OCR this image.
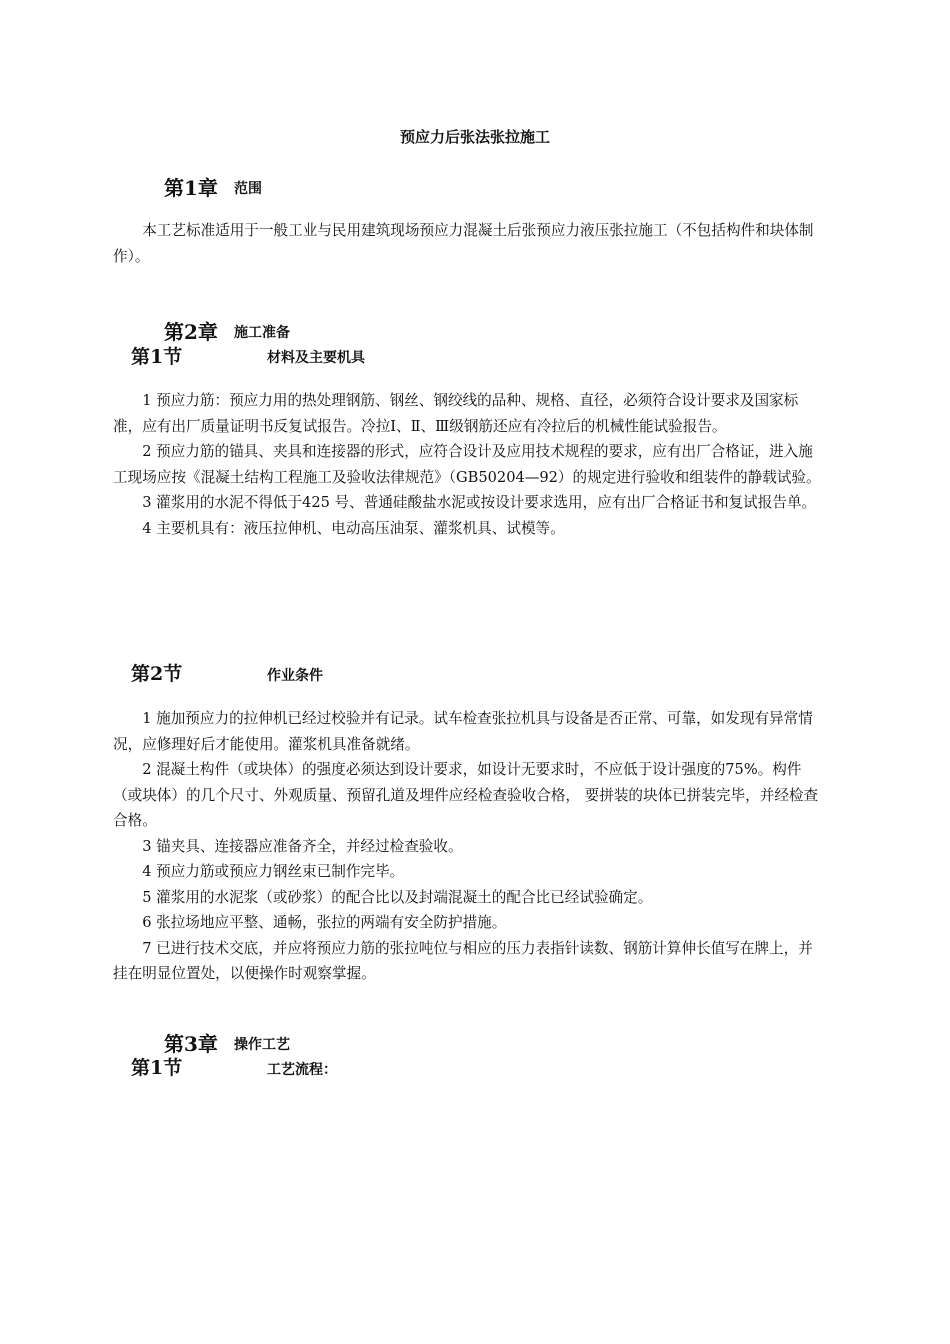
预应力后张法张拉施工
第1章 范围

本工艺标准适用于一般工业与民用建筑现场预应力混凝土后张预应力液压张拉施工（不包括构件和块体制作）。

第2章 施工准备
第1节	材料及主要机具

1 预应力筋：预应力用的热处理钢筋、钢丝、钢绞线的品种、规格、直径，必须符合设计要求及国家标准，应有出厂质量证明书反复试报告。冷拉Ⅰ、Ⅱ、Ⅲ级钢筋还应有冷拉后的机械性能试验报告。

2 预应力筋的锚具、夹具和连接器的形式，应符合设计及应用技术规程的要求，应有出厂合格证，进入施工现场应按《混凝土结构工程施工及验收法律规范》（GB50204—92）的规定进行验收和组装件的静载试验。

3 灌浆用的水泥不得低于425 号、普通硅酸盐水泥或按设计要求选用，应有出厂合格证书和复试报告单。

4 主要机具有：液压拉伸机、电动高压油泵、灌浆机具、试模等。

第2节	作业条件

1 施加预应力的拉伸机已经过校验并有记录。试车检查张拉机具与设备是否正常、可靠，如发现有异常情况，应修理好后才能使用。灌浆机具准备就绪。

2 混凝土构件（或块体）的强度必须达到设计要求，如设计无要求时，不应低于设计强度的75%。构件（或块体）的几个尺寸、外观质量、预留孔道及埋件应经检查验收合格， 要拼装的块体已拼装完毕，并经检查合格。

3 锚夹具、连接器应准备齐全，并经过检查验收。

4 预应力筋或预应力钢丝束已制作完毕。

5 灌浆用的水泥浆（或砂浆）的配合比以及封端混凝土的配合比已经试验确定。

6 张拉场地应平整、通畅，张拉的两端有安全防护措施。

7 已进行技术交底，并应将预应力筋的张拉吨位与相应的压力表指针读数、钢筋计算伸长值写在牌上，并挂在明显位置处，以便操作时观察掌握。

第3章 操作工艺
第1节	工艺流程：
